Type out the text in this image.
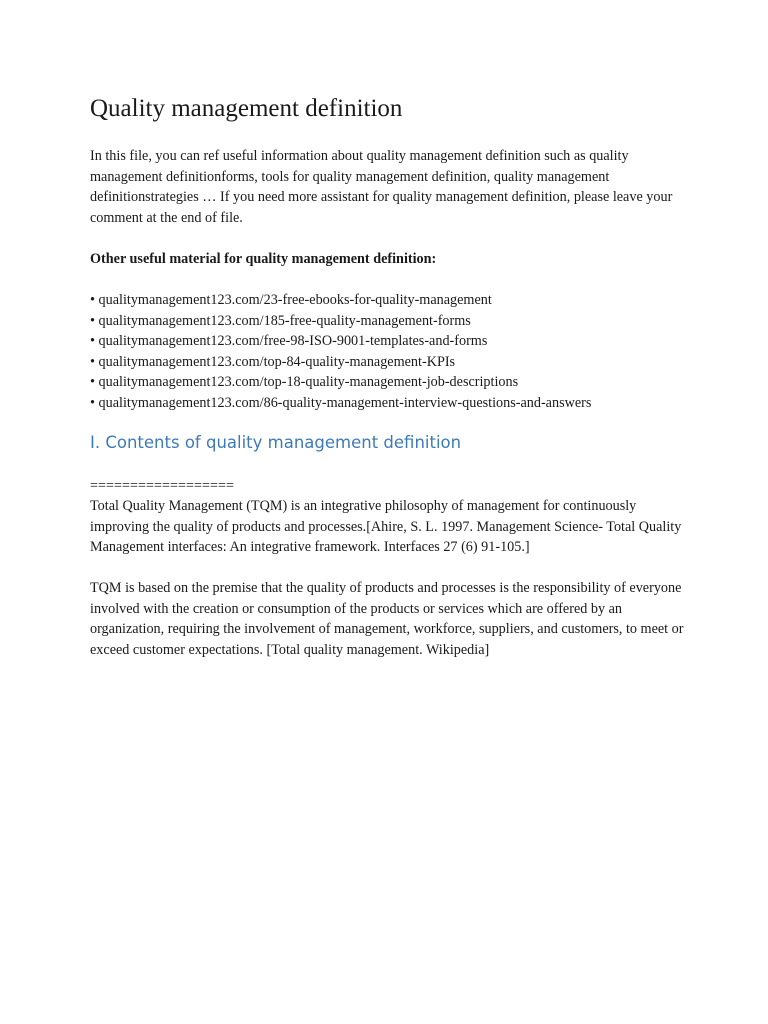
Quality management definition

In this file, you can ref useful information about quality management definition such as quality management definitionforms, tools for quality management definition, quality management definitionstrategies … If you need more assistant for quality management definition, please leave your comment at the end of file.

Other useful material for quality management definition:

• qualitymanagement123.com/23-free-ebooks-for-quality-management
• qualitymanagement123.com/185-free-quality-management-forms
• qualitymanagement123.com/free-98-ISO-9001-templates-and-forms
• qualitymanagement123.com/top-84-quality-management-KPIs
• qualitymanagement123.com/top-18-quality-management-job-descriptions
• qualitymanagement123.com/86-quality-management-interview-questions-and-answers
I. Contents of quality management definition
==================

Total Quality Management (TQM) is an integrative philosophy of management for continuously improving the quality of products and processes.[Ahire, S. L. 1997. Management Science- Total Quality Management interfaces: An integrative framework. Interfaces 27 (6) 91-105.]

TQM is based on the premise that the quality of products and processes is the responsibility of everyone involved with the creation or consumption of the products or services which are offered by an organization, requiring the involvement of management, workforce, suppliers, and customers, to meet or exceed customer expectations. [Total quality management. Wikipedia]
